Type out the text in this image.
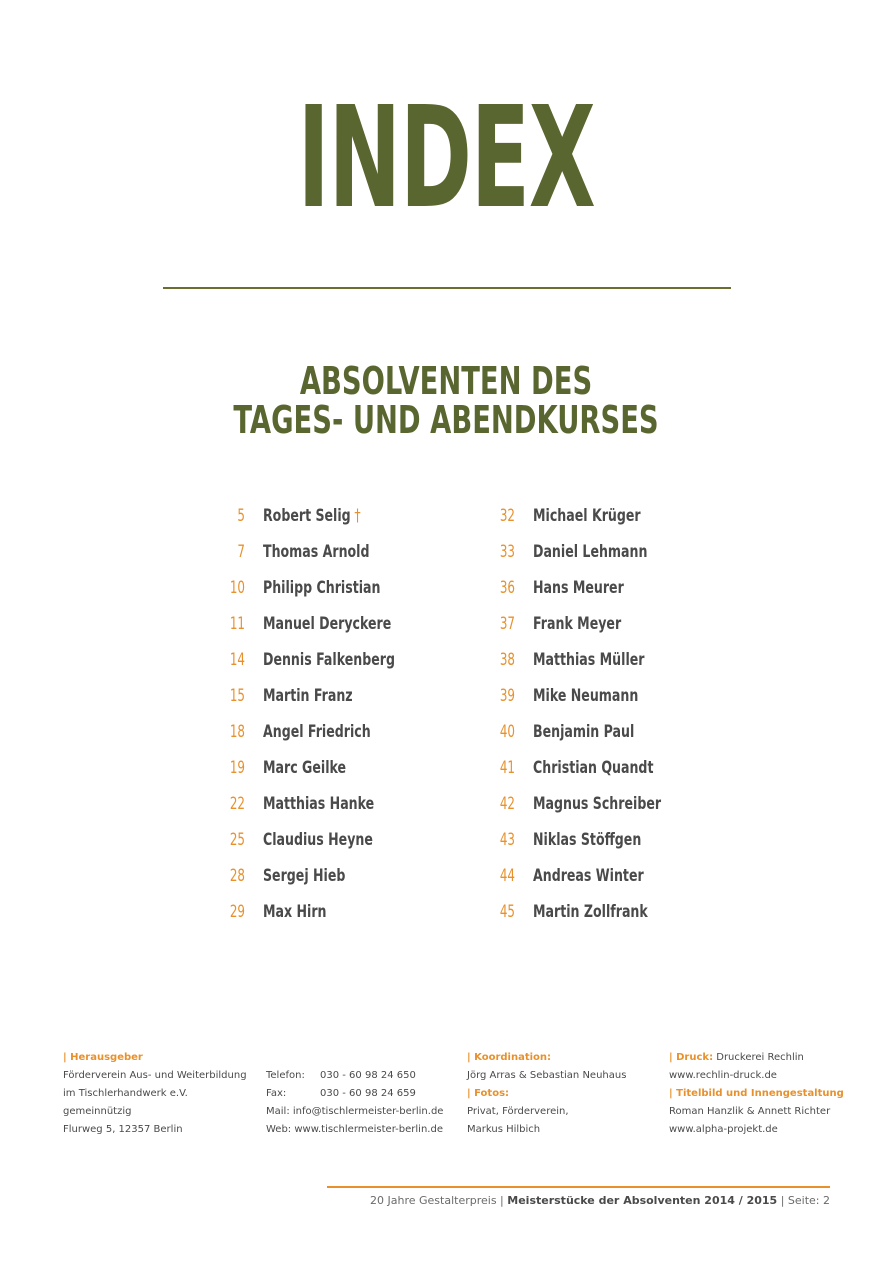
INDEX
ABSOLVENTEN DES
TAGES- UND ABENDKURSES
5 Robert Selig †
7 Thomas Arnold
10 Philipp Christian
11 Manuel Deryckere
14 Dennis Falkenberg
15 Martin Franz
18 Angel Friedrich
19 Marc Geilke
22 Matthias Hanke
25 Claudius Heyne
28 Sergej Hieb
29 Max Hirn
32 Michael Krüger
33 Daniel Lehmann
36 Hans Meurer
37 Frank Meyer
38 Matthias Müller
39 Mike Neumann
40 Benjamin Paul
41 Christian Quandt
42 Magnus Schreiber
43 Niklas Stöffgen
44 Andreas Winter
45 Martin Zollfrank
| Herausgeber
Förderverein Aus- und Weiterbildung
im Tischlerhandwerk e.V.
gemeinnützig
Flurweg 5, 12357 Berlin
Telefon: 030 - 60 98 24 650
Fax:	030 - 60 98 24 659
Mail: info@tischlermeister-berlin.de
Web: www.tischlermeister-berlin.de
| Koordination:
Jörg Arras & Sebastian Neuhaus
| Fotos:
Privat, Förderverein,
Markus Hilbich
| Druck: Druckerei Rechlin
www.rechlin-druck.de
| Titelbild und Innengestaltung
Roman Hanzlik & Annett Richter
www.alpha-projekt.de
20 Jahre Gestalterpreis | Meisterstücke der Absolventen 2014 / 2015 | Seite: 2
